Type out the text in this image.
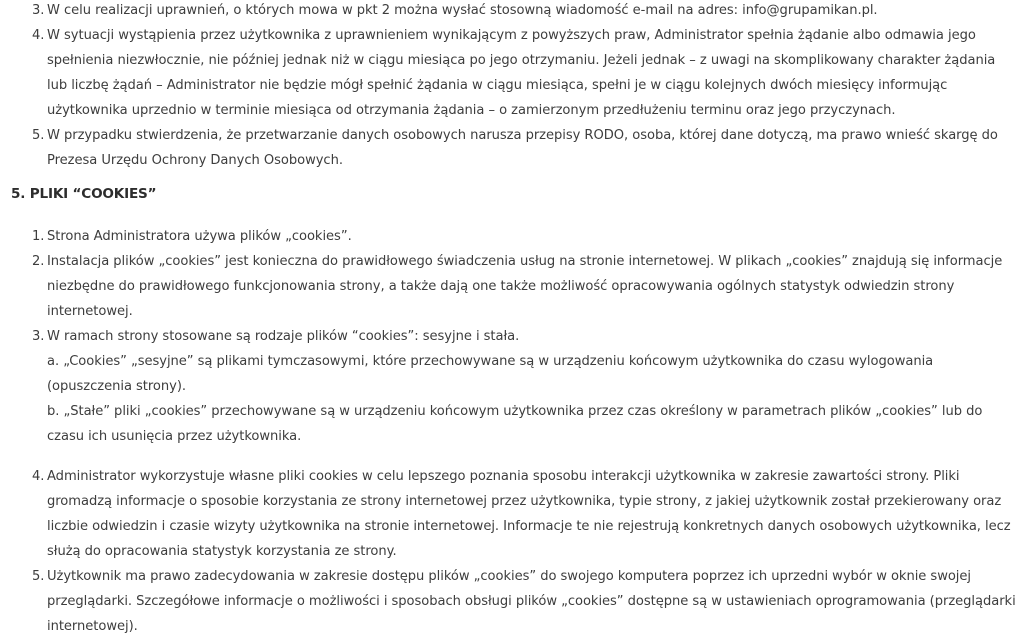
3. W celu realizacji uprawnień, o których mowa w pkt 2 można wysłać stosowną wiadomość e-mail na adres: info@grupamikan.pl.
4. W sytuacji wystąpienia przez użytkownika z uprawnieniem wynikającym z powyższych praw, Administrator spełnia żądanie albo odmawia jego spełnienia niezwłocznie, nie później jednak niż w ciągu miesiąca po jego otrzymaniu. Jeżeli jednak – z uwagi na skomplikowany charakter żądania lub liczbę żądań – Administrator nie będzie mógł spełnić żądania w ciągu miesiąca, spełni je w ciągu kolejnych dwóch miesięcy informując użytkownika uprzednio w terminie miesiąca od otrzymania żądania – o zamierzonym przedłużeniu terminu oraz jego przyczynach.
5. W przypadku stwierdzenia, że przetwarzanie danych osobowych narusza przepisy RODO, osoba, której dane dotyczą, ma prawo wnieść skargę do Prezesa Urzędu Ochrony Danych Osobowych.
5. PLIKI “COOKIES”
1. Strona Administratora używa plików „cookies”.
2. Instalacja plików „cookies” jest konieczna do prawidłowego świadczenia usług na stronie internetowej. W plikach „cookies” znajdują się informacje niezbędne do prawidłowego funkcjonowania strony, a także dają one także możliwość opracowywania ogólnych statystyk odwiedzin strony internetowej.
3. W ramach strony stosowane są rodzaje plików “cookies”: sesyjne i stała.
a. „Cookies” „sesyjne” są plikami tymczasowymi, które przechowywane są w urządzeniu końcowym użytkownika do czasu wylogowania (opuszczenia strony).
b. „Stałe” pliki „cookies” przechowywane są w urządzeniu końcowym użytkownika przez czas określony w parametrach plików „cookies” lub do czasu ich usunięcia przez użytkownika.
4. Administrator wykorzystuje własne pliki cookies w celu lepszego poznania sposobu interakcji użytkownika w zakresie zawartości strony. Pliki gromadzą informacje o sposobie korzystania ze strony internetowej przez użytkownika, typie strony, z jakiej użytkownik został przekierowany oraz liczbie odwiedzin i czasie wizyty użytkownika na stronie internetowej. Informacje te nie rejestrują konkretnych danych osobowych użytkownika, lecz służą do opracowania statystyk korzystania ze strony.
5. Użytkownik ma prawo zadecydowania w zakresie dostępu plików „cookies” do swojego komputera poprzez ich uprzedni wybór w oknie swojej przeglądarki. Szczegółowe informacje o możliwości i sposobach obsługi plików „cookies” dostępne są w ustawieniach oprogramowania (przeglądarki internetowej).
